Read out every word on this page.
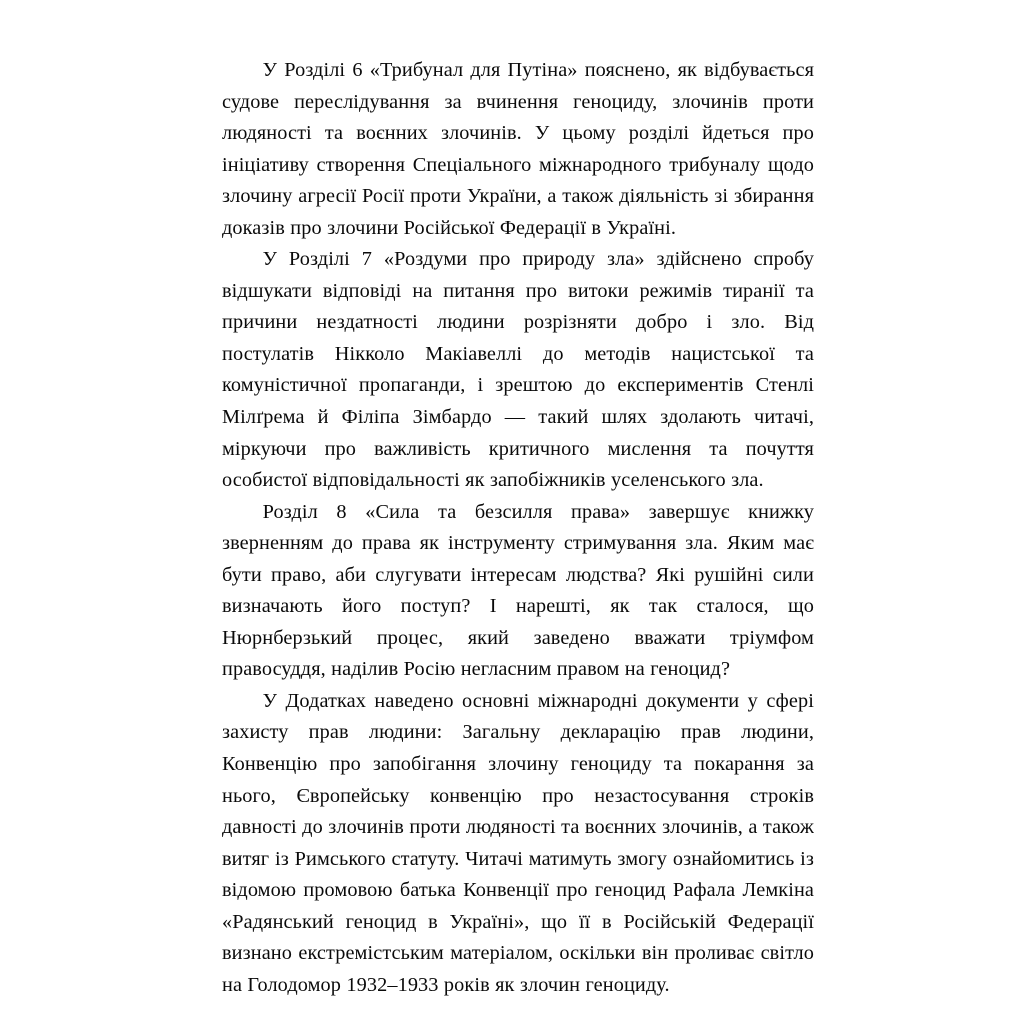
У Розділі 6 «Трибунал для Путіна» пояснено, як відбувається судове переслідування за вчинення геноциду, злочинів проти людяності та воєнних злочинів. У цьому розділі йдеться про ініціативу створення Спеціального міжнародного трибуналу щодо злочину агресії Росії проти України, а також діяльність зі збирання доказів про злочини Російської Федерації в Україні.

У Розділі 7 «Роздуми про природу зла» здійснено спробу відшукати відповіді на питання про витоки режимів тиранії та причини нездатності людини розрізняти добро і зло. Від постулатів Нікколо Макіавеллі до методів нацистської та комуністичної пропаганди, і зрештою до експериментів Стенлі Мілґрема й Філіпа Зімбардо — такий шлях здолають читачі, міркуючи про важливість критичного мислення та почуття особистої відповідальності як запобіжників уселенського зла.

Розділ 8 «Сила та безсилля права» завершує книжку зверненням до права як інструменту стримування зла. Яким має бути право, аби слугувати інтересам людства? Які рушійні сили визначають його поступ? І нарешті, як так сталося, що Нюрнберзький процес, який заведено вважати тріумфом правосуддя, наділив Росію негласним правом на геноцид?

У Додатках наведено основні міжнародні документи у сфері захисту прав людини: Загальну декларацію прав людини, Конвенцію про запобігання злочину геноциду та покарання за нього, Європейську конвенцію про незастосування строків давності до злочинів проти людяності та воєнних злочинів, а також витяг із Римського статуту. Читачі матимуть змогу ознайомитись із відомою промовою батька Конвенції про геноцид Рафала Лемкіна «Радянський геноцид в Україні», що її в Російській Федерації визнано екстремістським матеріалом, оскільки він проливає світло на Голодомор 1932–1933 років як злочин геноциду.
